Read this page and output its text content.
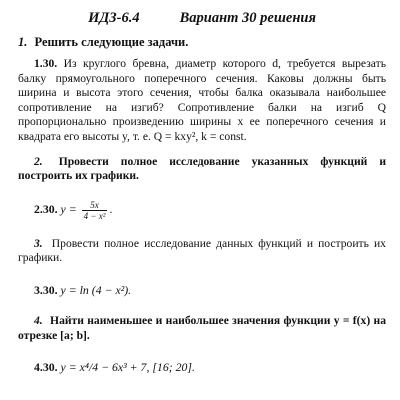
ИДЗ-6.4	Вариант 30 решения
1. Решить следующие задачи.

1.30. Из круглого бревна, диаметр которого d, требуется вырезать балку прямоугольного поперечного сечения. Каковы должны быть ширина и высота этого сечения, чтобы балка оказывала наибольшее сопротивление на изгиб? Сопротивление балки на изгиб Q пропорционально произведению ширины x ее поперечного сечения и квадрата его высоты y, т. е. Q = kxy², k = const.

2. Провести полное исследование указанных функций и построить их графики.

2.30. $y = \frac{5x}{\text{4 − x²}}$ .

3. Провести полное исследование данных функций и построить их графики.

3.30. y = ln (4 − x²).

4. Найти наименьшее и наибольшее значения функции y = f(x) на отрезке [a; b].

4.30. y = x⁴/4 − 6x³ + 7, [16; 20].
